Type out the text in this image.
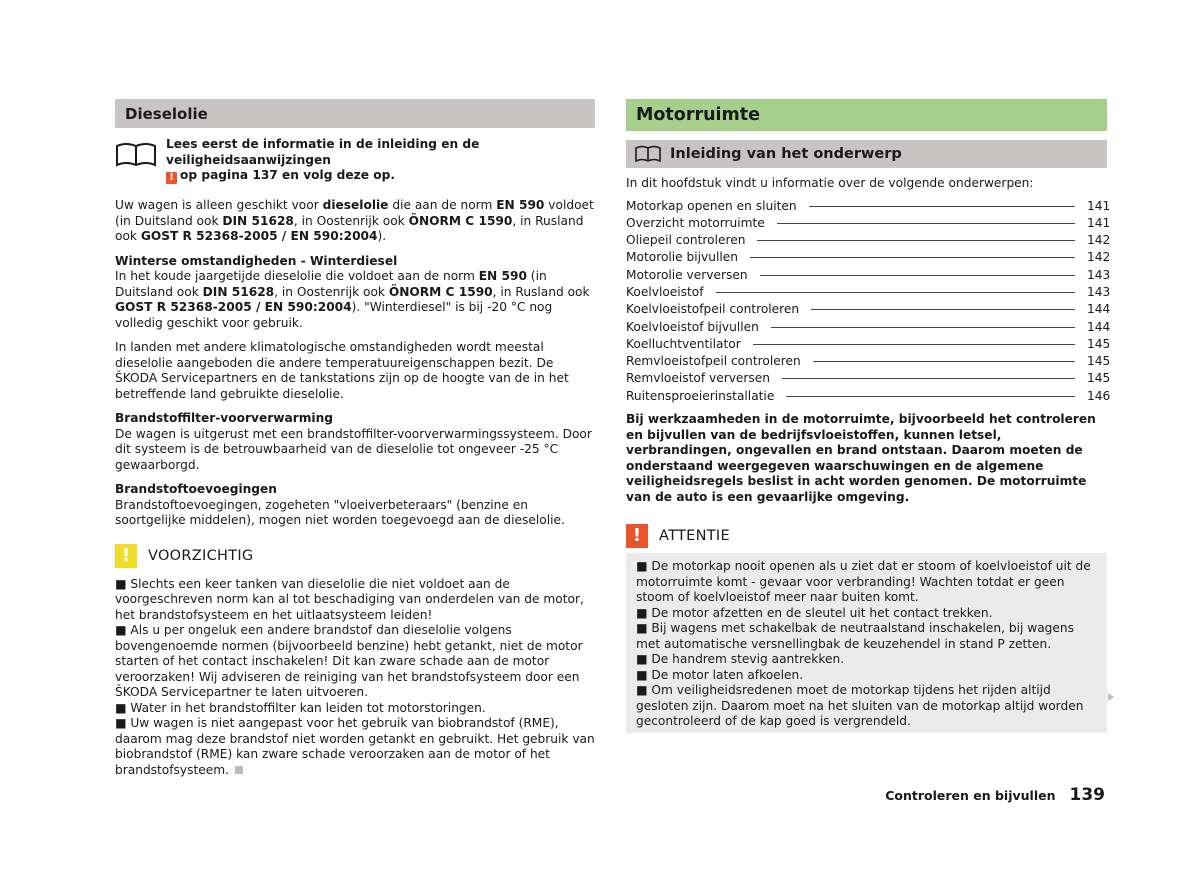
Dieselolie

Lees eerst de informatie in de inleiding en de veiligheidsaanwijzingen

! op pagina 137 en volg deze op.

Uw wagen is alleen geschikt voor dieselolie die aan de norm EN 590 voldoet (in Duitsland ook DIN 51628, in Oostenrijk ook ÖNORM C 1590, in Rusland ook GOST R 52368-2005 / EN 590:2004).

Winterse omstandigheden - Winterdiesel

In het koude jaargetijde dieselolie die voldoet aan de norm EN 590 (in Duitsland ook DIN 51628, in Oostenrijk ook ÖNORM C 1590, in Rusland ook GOST R 52368-2005 / EN 590:2004). "Winterdiesel" is bij -20 °C nog volledig geschikt voor gebruik.

In landen met andere klimatologische omstandigheden wordt meestal dieselolie aangeboden die andere temperatuureigenschappen bezit. De ŠKODA Servicepartners en de tankstations zijn op de hoogte van de in het betreffende land gebruikte dieselolie.

Brandstoffilter-voorverwarming

De wagen is uitgerust met een brandstoffilter-voorverwarmingssysteem. Door dit systeem is de betrouwbaarheid van de dieselolie tot ongeveer -25 °C gewaarborgd.

Brandstoftoevoegingen

Brandstoftoevoegingen, zogeheten "vloeiverbeteraars" (benzine en soortgelijke middelen), mogen niet worden toegevoegd aan de dieselolie.

!	VOORZICHTIG

■ Slechts een keer tanken van dieselolie die niet voldoet aan de voorgeschreven norm kan al tot beschadiging van onderdelen van de motor, het brandstofsysteem en het uitlaatsysteem leiden!

■ Als u per ongeluk een andere brandstof dan dieselolie volgens bovengenoemde normen (bijvoorbeeld benzine) hebt getankt, niet de motor starten of het contact inschakelen! Dit kan zware schade aan de motor veroorzaken! Wij adviseren de reiniging van het brandstofsysteem door een ŠKODA Servicepartner te laten uitvoeren.

■ Water in het brandstoffilter kan leiden tot motorstoringen.

■ Uw wagen is niet aangepast voor het gebruik van biobrandstof (RME), daarom mag deze brandstof niet worden getankt en gebruikt. Het gebruik van biobrandstof (RME) kan zware schade veroorzaken aan de motor of het brandstofsysteem.

Motorruimte
Inleiding van het onderwerp

In dit hoofdstuk vindt u informatie over de volgende onderwerpen:

Motorkap openen en sluiten	141
Overzicht motorruimte	141
Oliepeil controleren	142
Motorolie bijvullen	142
Motorolie verversen	143
Koelvloeistof	143
Koelvloeistofpeil controleren	144
Koelvloeistof bijvullen	144
Koelluchtventilator	145
Remvloeistofpeil controleren	145
Remvloeistof verversen	145
Ruitensproeierinstallatie	146

Bij werkzaamheden in de motorruimte, bijvoorbeeld het controleren en bijvullen van de bedrijfsvloeistoffen, kunnen letsel, verbrandingen, ongevallen en brand ontstaan. Daarom moeten de onderstaand weergegeven waarschuwingen en de algemene veiligheidsregels beslist in acht worden genomen. De motorruimte van de auto is een gevaarlijke omgeving.

!	ATTENTIE

■ De motorkap nooit openen als u ziet dat er stoom of koelvloeistof uit de motorruimte komt - gevaar voor verbranding! Wachten totdat er geen stoom of koelvloeistof meer naar buiten komt.

■ De motor afzetten en de sleutel uit het contact trekken.

■ Bij wagens met schakelbak de neutraalstand inschakelen, bij wagens met automatische versnellingbak de keuzehendel in stand P zetten.

■ De handrem stevig aantrekken.

■ De motor laten afkoelen.

■ Om veiligheidsredenen moet de motorkap tijdens het rijden altijd gesloten zijn. Daarom moet na het sluiten van de motorkap altijd worden gecontroleerd of de kap goed is vergrendeld.

Controleren en bijvullen 139
